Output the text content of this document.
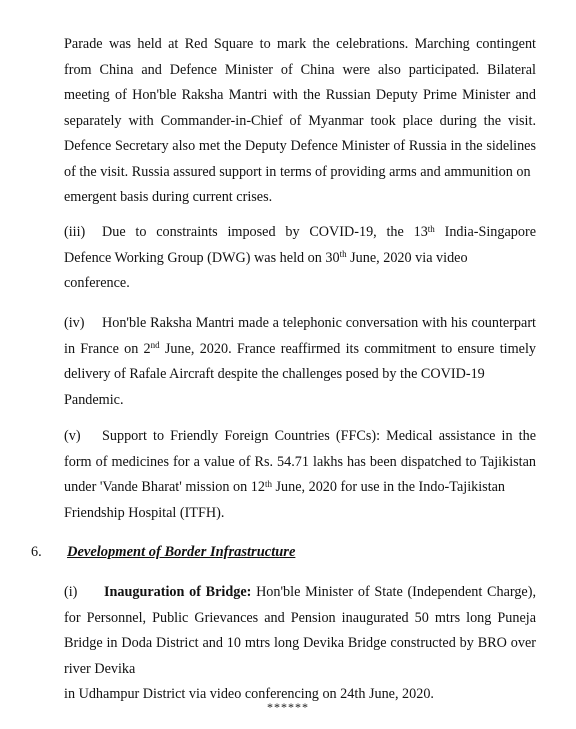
Parade was held at Red Square to mark the celebrations. Marching contingent from China and Defence Minister of China were also participated. Bilateral meeting of Hon'ble Raksha Mantri with the Russian Deputy Prime Minister and separately with Commander-in-Chief of Myanmar took place during the visit. Defence Secretary also met the Deputy Defence Minister of Russia in the sidelines of the visit. Russia assured support in terms of providing arms and ammunition on
emergent basis during current crises.

(iii) Due to constraints imposed by COVID-19, the 13th India-Singapore Defence Working Group (DWG) was held on 30th June, 2020 via video
conference.

(iv) Hon'ble Raksha Mantri made a telephonic conversation with his counterpart in France on 2nd June, 2020. France reaffirmed its commitment to ensure timely delivery of Rafale Aircraft despite the challenges posed by the COVID-19
Pandemic.

(v) Support to Friendly Foreign Countries (FFCs): Medical assistance in the form of medicines for a value of Rs. 54.71 lakhs has been dispatched to Tajikistan under 'Vande Bharat' mission on 12th June, 2020 for use in the Indo-Tajikistan
Friendship Hospital (ITFH).

6. Development of Border Infrastructure

(i) Inauguration of Bridge: Hon'ble Minister of State (Independent Charge), for Personnel, Public Grievances and Pension inaugurated 50 mtrs long Puneja Bridge in Doda District and 10 mtrs long Devika Bridge constructed by BRO over river Devika
in Udhampur District via video conferencing on 24th June, 2020.

******
